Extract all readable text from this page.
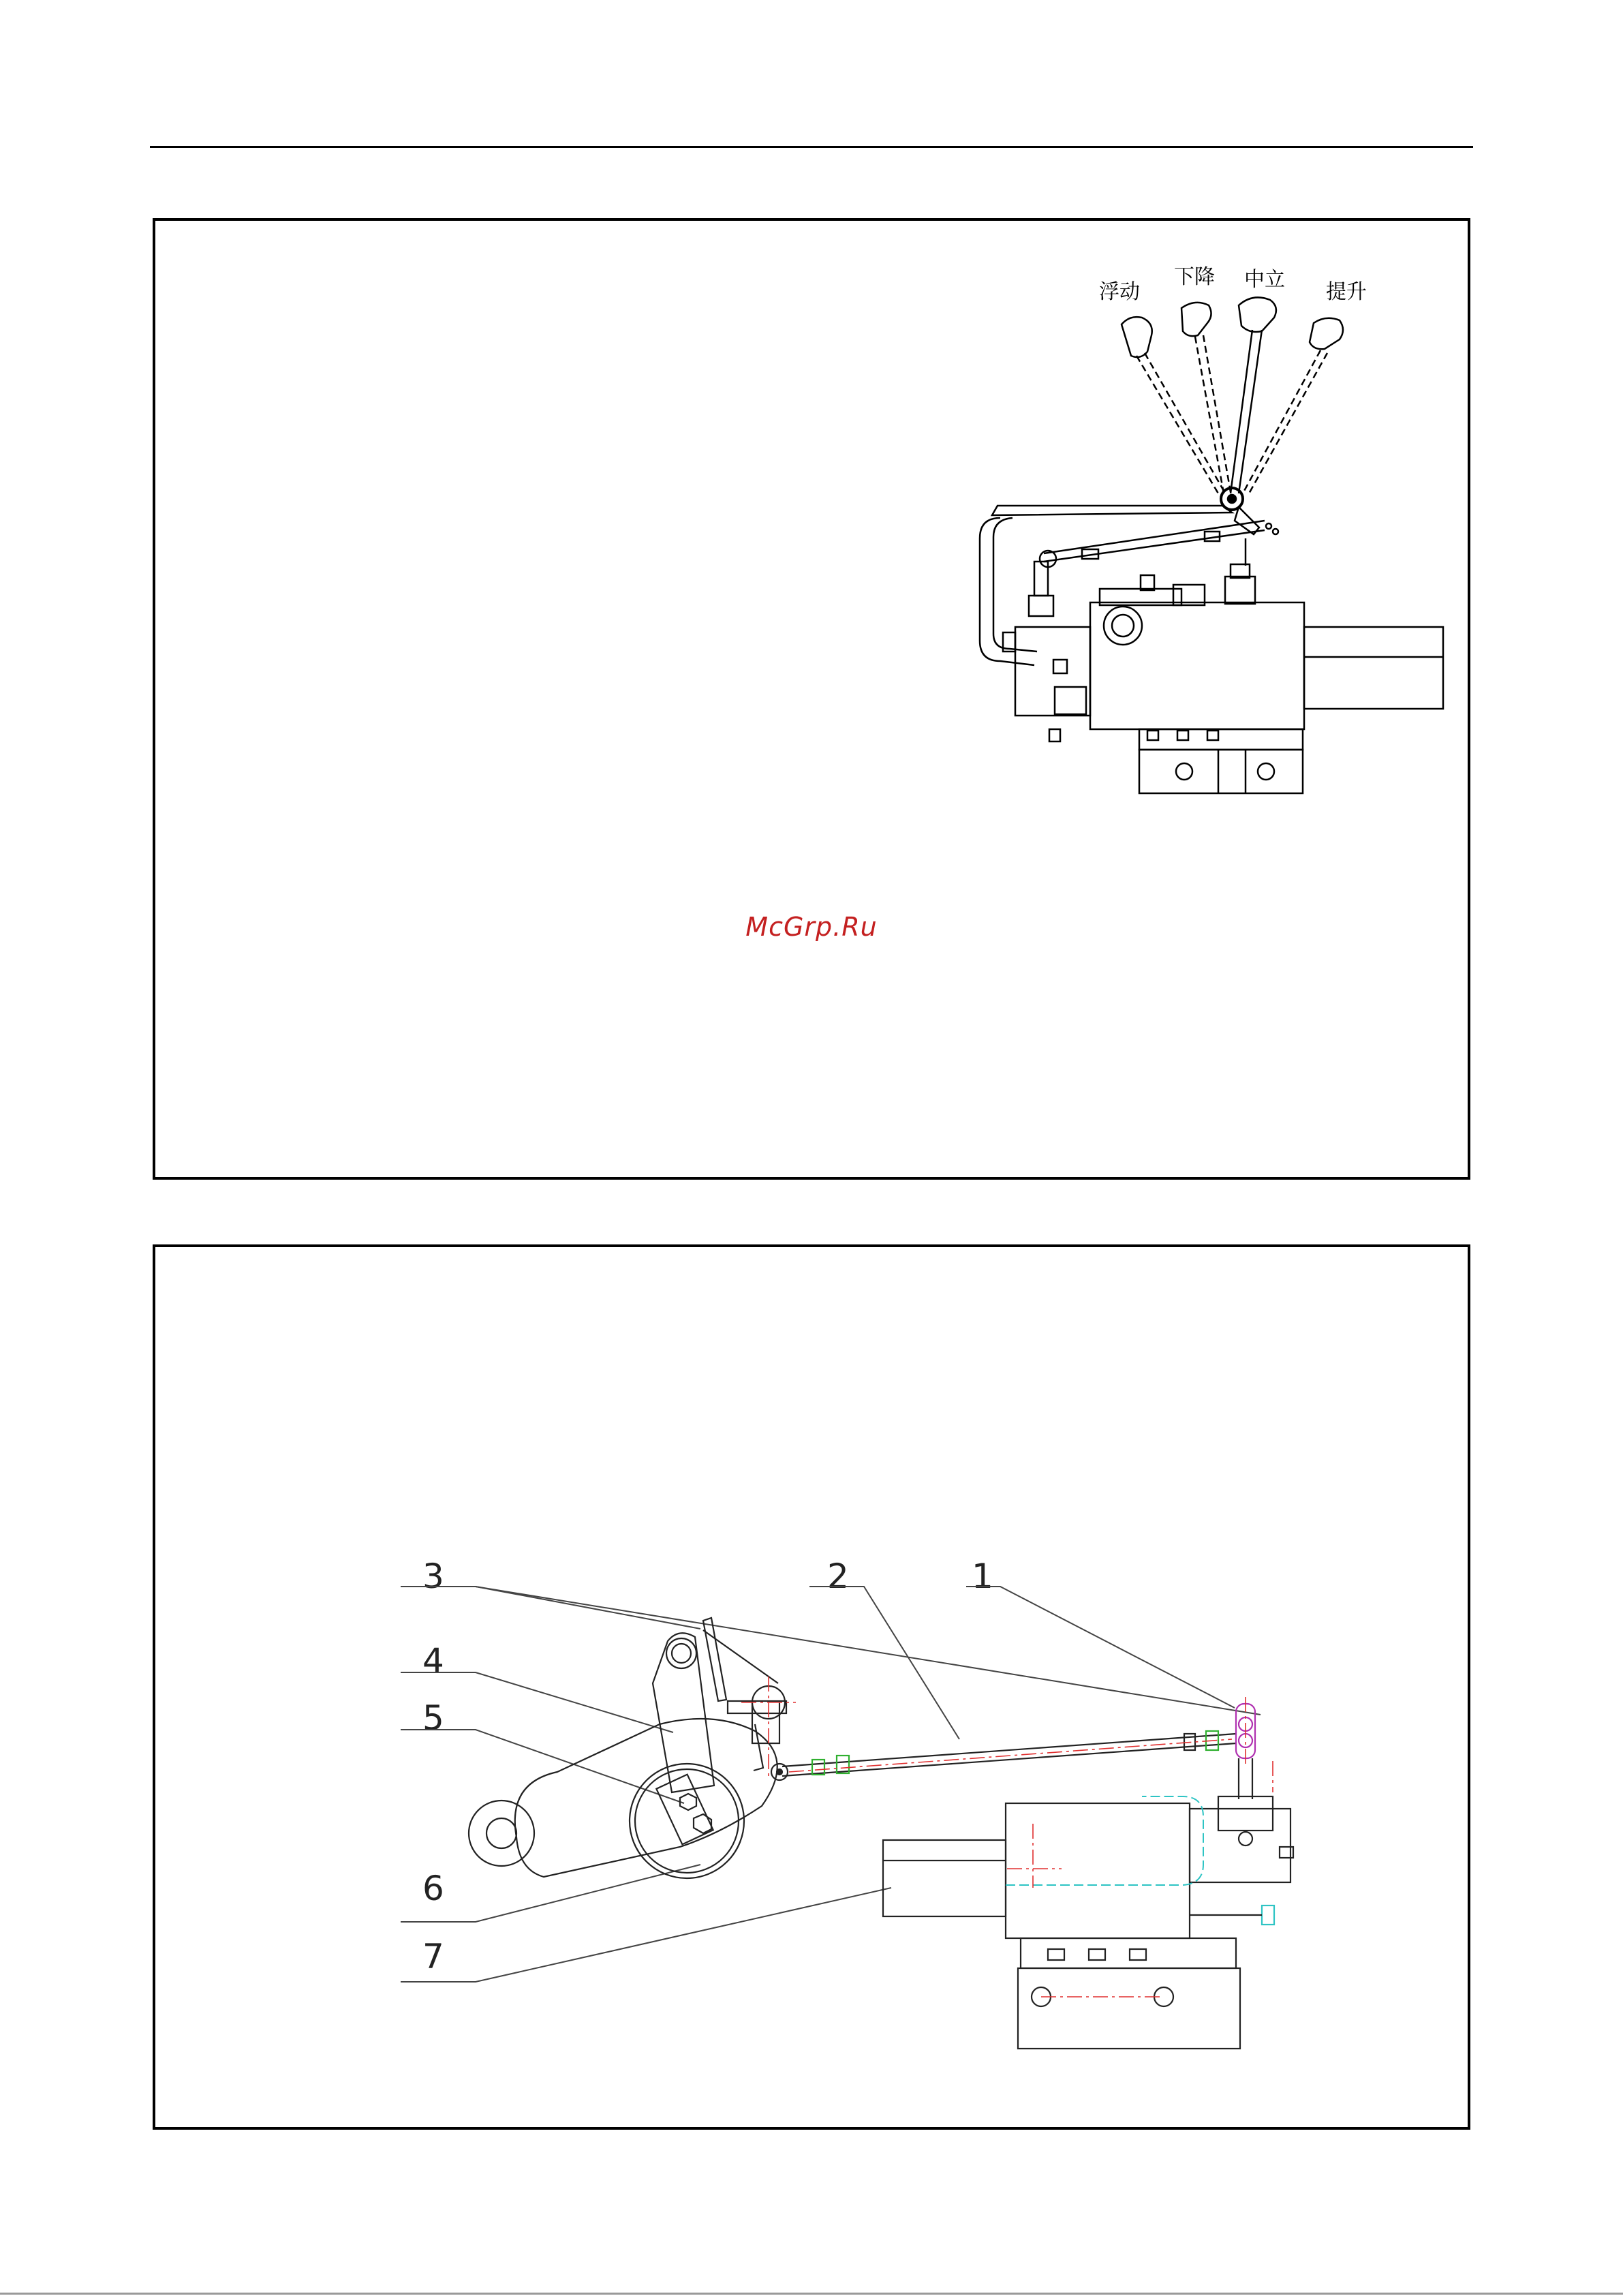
浮动
下降 中立
提升
McGrp.Ru
1
2
3
4
5
6
7
